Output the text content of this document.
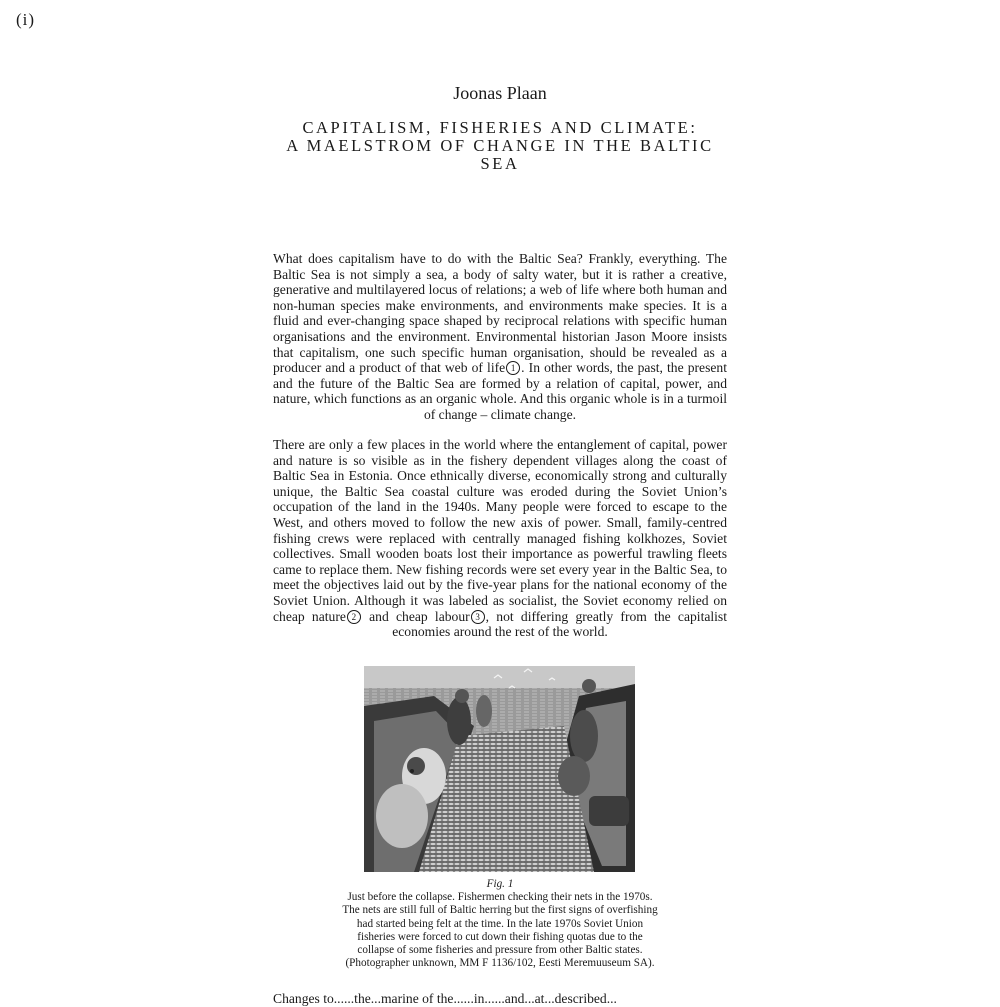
(i)
Joonas Plaan
CAPITALISM, FISHERIES AND CLIMATE:
A MAELSTROM OF CHANGE IN THE BALTIC
SEA
What does capitalism have to do with the Baltic Sea? Frankly, everything. The Baltic Sea is not simply a sea, a body of salty water, but it is rather a creative, generative and multilayered locus of relations; a web of life where both human and non-human species make environments, and environments make species. It is a fluid and ever-changing space shaped by reciprocal relations with specific human organisations and the environment. Environmental historian Jason Moore insists that capitalism, one such specific human organisation, should be revealed as a producer and a product of that web of life 1 . In other words, the past, the present and the future of the Baltic Sea are formed by a relation of capital, power, and nature, which functions as an organic whole. And this organic whole is in a turmoil of change – climate change.
There are only a few places in the world where the entanglement of capital, power and nature is so visible as in the fishery dependent villages along the coast of Baltic Sea in Estonia. Once ethnically diverse, economically strong and culturally unique, the Baltic Sea coastal culture was eroded during the Soviet Union’s occupation of the land in the 1940s. Many people were forced to escape to the West, and others moved to follow the new axis of power. Small, family-centred fishing crews were replaced with centrally managed fishing kolkhozes, Soviet collectives. Small wooden boats lost their importance as powerful trawling fleets came to replace them. New fishing records were set every year in the Baltic Sea, to meet the objectives laid out by the five-year plans for the national economy of the Soviet Union. Although it was labeled as socialist, the Soviet economy relied on cheap nature 2 and cheap labour 3 , not differing greatly from the capitalist economies around the rest of the world.
Fig. 1
Just before the collapse. Fishermen checking their nets in the 1970s.
The nets are still full of Baltic herring but the first signs of overfishing
had started being felt at the time. In the late 1970s Soviet Union
fisheries were forced to cut down their fishing quotas due to the
collapse of some fisheries and pressure from other Baltic states.
(Photographer unknown, MM F 1136/102, Eesti Meremuuseum SA).
Changes to......the...marine of the......in......and...at...described...
